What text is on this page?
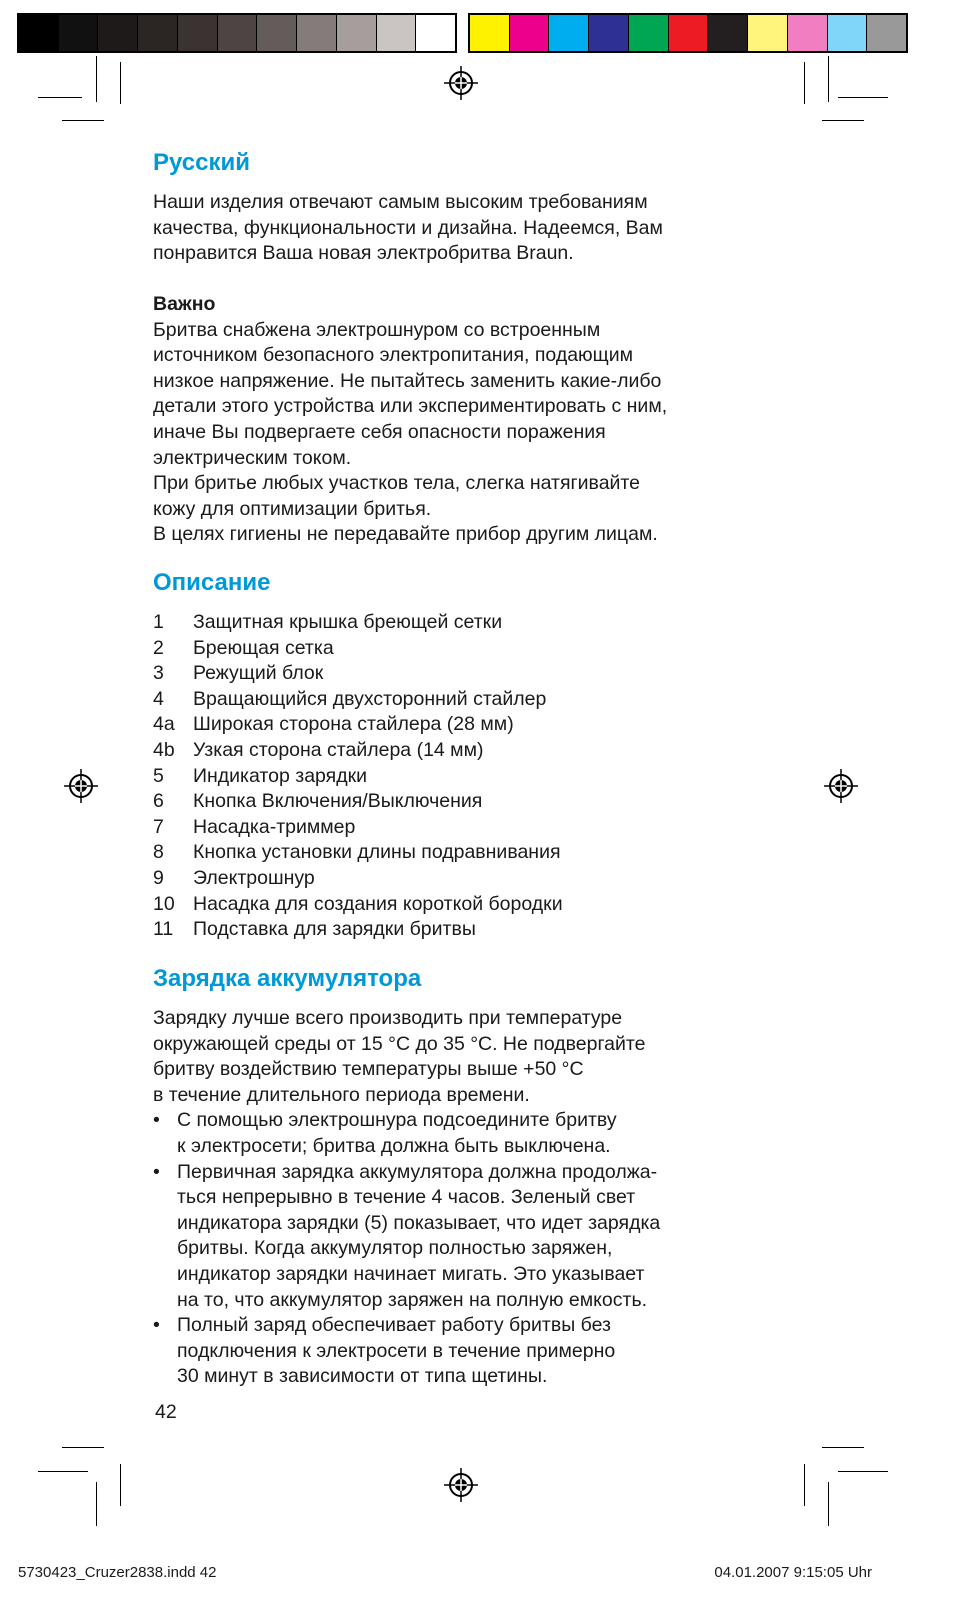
Русский

Наши изделия отвечают самым высоким требованиям

качества, функциональности и дизайна. Надеемся, Вам

понравится Ваша новая электробритва Braun.

Важно

Бритва снабжена электрошнуром со встроенным

источником безопасного электропитания, подающим

низкое напряжение. Не пытайтесь заменить какие-либо

детали этого устройства или экспериментировать с ним,

иначе Вы подвергаете себя опасности поражения

электрическим током.

При бритье любых участков тела, слегка натягивайте

кожу для оптимизации бритья.

В целях гигиены не передавайте прибор другим лицам.

Описание
1	Защитная крышка бреющей сетки
2	Бреющая сетка
3	Режущий блок
4	Вращающийся двухсторонний стайлер
4a Широкая сторона стайлера (28 мм)
4b Узкая сторона стайлера (14 мм)
5	Индикатор зарядки
6	Кнопка Включения/Выключения
7	Насадка-триммер
8	Кнопка установки длины подравнивания
9	Электрошнур
10 Насадка для создания короткой бородки
11	Подставка для зарядки бритвы
Зарядка аккумулятора

Зарядку лучше всего производить при температуре

окружающей среды от 15 °C до 35 °C. Не подвергайте

бритву воздействию температуры выше +50 °C

в течение длительного периода времени.

• С помощью электрошнура подсоедините бритву

к электросети; бритва должна быть выключена.

• Первичная зарядка аккумулятора должна продолжа-

ться непрерывно в течение 4 часов. Зеленый свет

индикатора зарядки (5) показывает, что идет зарядка

бритвы. Когда аккумулятор полностью заряжен,

индикатор зарядки начинает мигать. Это указывает

на то, что аккумулятор заряжен на полную емкость.

• Полный заряд обеспечивает работу бритвы без

подключения к электросети в течение примерно

30 минут в зависимости от типа щетины.

42
5730423_Cruzer2838.indd 42	04.01.2007 9:15:05 Uhr
